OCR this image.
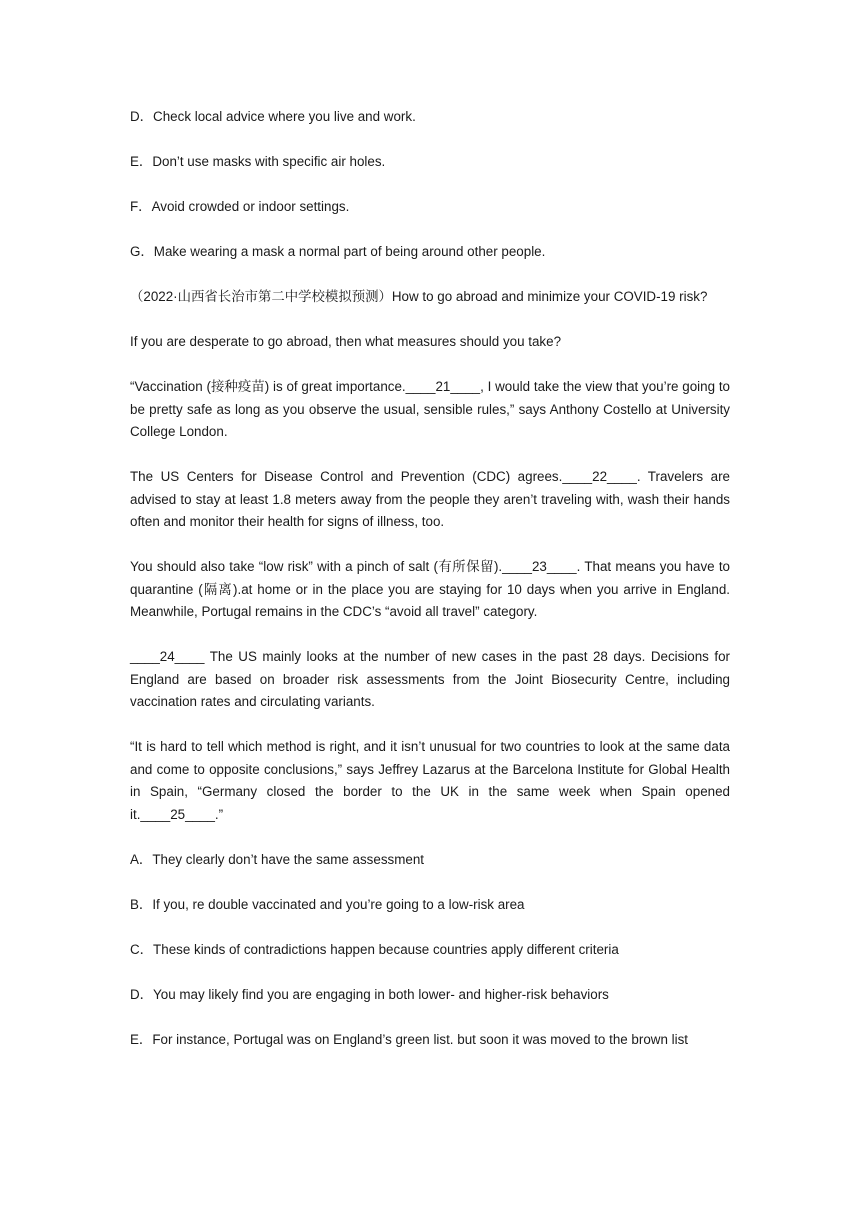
D．Check local advice where you live and work.

E．Don’t use masks with specific air holes.

F．Avoid crowded or indoor settings.

G．Make wearing a mask a normal part of being around other people.

（2022·山西省长治市第二中学校模拟预测）How to go abroad and minimize your COVID-19 risk?

If you are desperate to go abroad, then what measures should you take?

“Vaccination (接种疫苗) is of great importance.____21____, I would take the view that you’re going to be pretty safe as long as you observe the usual, sensible rules,” says Anthony Costello at University College London.

The US Centers for Disease Control and Prevention (CDC) agrees.____22____. Travelers are advised to stay at least 1.8 meters away from the people they aren’t traveling with, wash their hands often and monitor their health for signs of illness, too.

You should also take “low risk” with a pinch of salt (有所保留).____23____. That means you have to quarantine (隔离).at home or in the place you are staying for 10 days when you arrive in England. Meanwhile, Portugal remains in the CDC’s “avoid all travel” category.

____24____ The US mainly looks at the number of new cases in the past 28 days. Decisions for England are based on broader risk assessments from the Joint Biosecurity Centre, including vaccination rates and circulating variants.

“It is hard to tell which method is right, and it isn’t unusual for two countries to look at the same data and come to opposite conclusions,” says Jeffrey Lazarus at the Barcelona Institute for Global Health in Spain, “Germany closed the border to the UK in the same week when Spain opened it.____25____.”

A．They clearly don’t have the same assessment

B．If you, re double vaccinated and you’re going to a low-risk area

C．These kinds of contradictions happen because countries apply different criteria

D．You may likely find you are engaging in both lower- and higher-risk behaviors

E．For instance, Portugal was on England’s green list. but soon it was moved to the brown list
